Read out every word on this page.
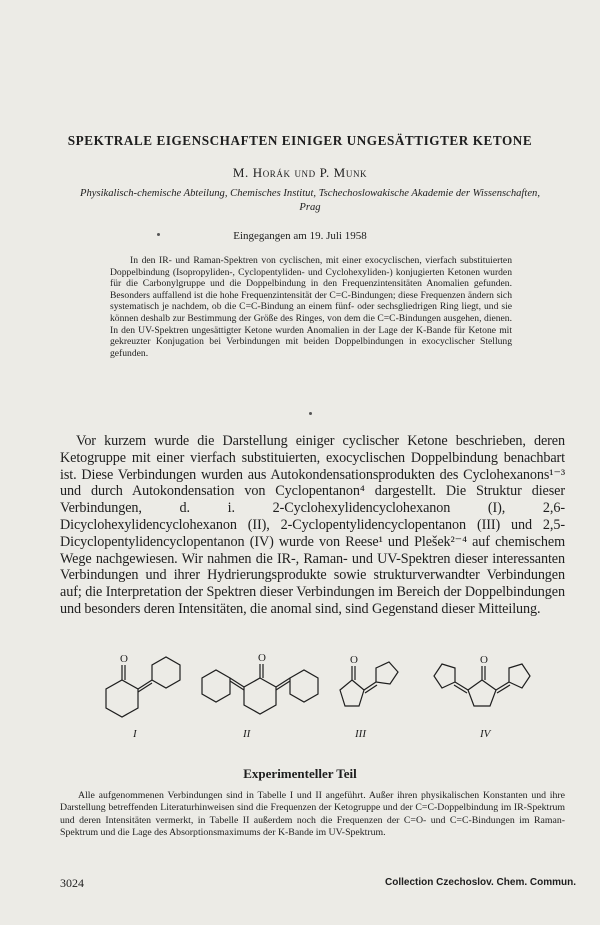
SPEKTRALE EIGENSCHAFTEN EINIGER UNGESÄTTIGTER KETONE
M. Horák und P. Munk
Physikalisch-chemische Abteilung, Chemisches Institut, Tschechoslowakische Akademie der Wissenschaften, Prag
Eingegangen am 19. Juli 1958
In den IR- und Raman-Spektren von cyclischen, mit einer exocyclischen, vierfach substituierten Doppelbindung (Isopropyliden-, Cyclopentyliden- und Cyclohexyliden-) konjugierten Ketonen wurden für die Carbonylgruppe und die Doppelbindung in den Frequenzintensitäten Anomalien gefunden. Besonders auffallend ist die hohe Frequenzintensität der C=C-Bindungen; diese Frequenzen ändern sich systematisch je nachdem, ob die C=C-Bindung an einem fünf- oder sechsgliedrigen Ring liegt, und sie können deshalb zur Bestimmung der Größe des Ringes, von dem die C=C-Bindungen ausgehen, dienen. In den UV-Spektren ungesättigter Ketone wurden Anomalien in der Lage der K-Bande für Ketone mit gekreuzter Konjugation bei Verbindungen mit beiden Doppelbindungen in exocyclischer Stellung gefunden.
Vor kurzem wurde die Darstellung einiger cyclischer Ketone beschrieben, deren Ketogruppe mit einer vierfach substituierten, exocyclischen Doppelbindung benachbart ist. Diese Verbindungen wurden aus Autokondensationsprodukten des Cyclohexanons¹⁻³ und durch Autokondensation von Cyclopentanon⁴ dargestellt. Die Struktur dieser Verbindungen, d. i. 2-Cyclohexylidencyclohexanon (I), 2,6-Dicyclohexylidencyclohexanon (II), 2-Cyclopentylidencyclopentanon (III) und 2,5-Dicyclopentylidencyclopentanon (IV) wurde von Reese¹ und Plešek²⁻⁴ auf chemischem Wege nachgewiesen. Wir nahmen die IR-, Raman- und UV-Spektren dieser interessanten Verbindungen und ihrer Hydrierungsprodukte sowie strukturverwandter Verbindungen auf; die Interpretation der Spektren dieser Verbindungen im Bereich der Doppelbindungen und besonders deren Intensitäten, die anomal sind, sind Gegenstand dieser Mitteilung.
O	O	O	O
I	II	III	IV
Experimenteller Teil
Alle aufgenommenen Verbindungen sind in Tabelle I und II angeführt. Außer ihren physikalischen Konstanten und ihre Darstellung betreffenden Literaturhinweisen sind die Frequenzen der Ketogruppe und der C=C-Doppelbindung im IR-Spektrum und deren Intensitäten vermerkt, in Tabelle II außerdem noch die Frequenzen der C=O- und C=C-Bindungen im Raman-Spektrum und die Lage des Absorptionsmaximums der K-Bande im UV-Spektrum.
3024	Collection Czechoslov. Chem. Commun.
